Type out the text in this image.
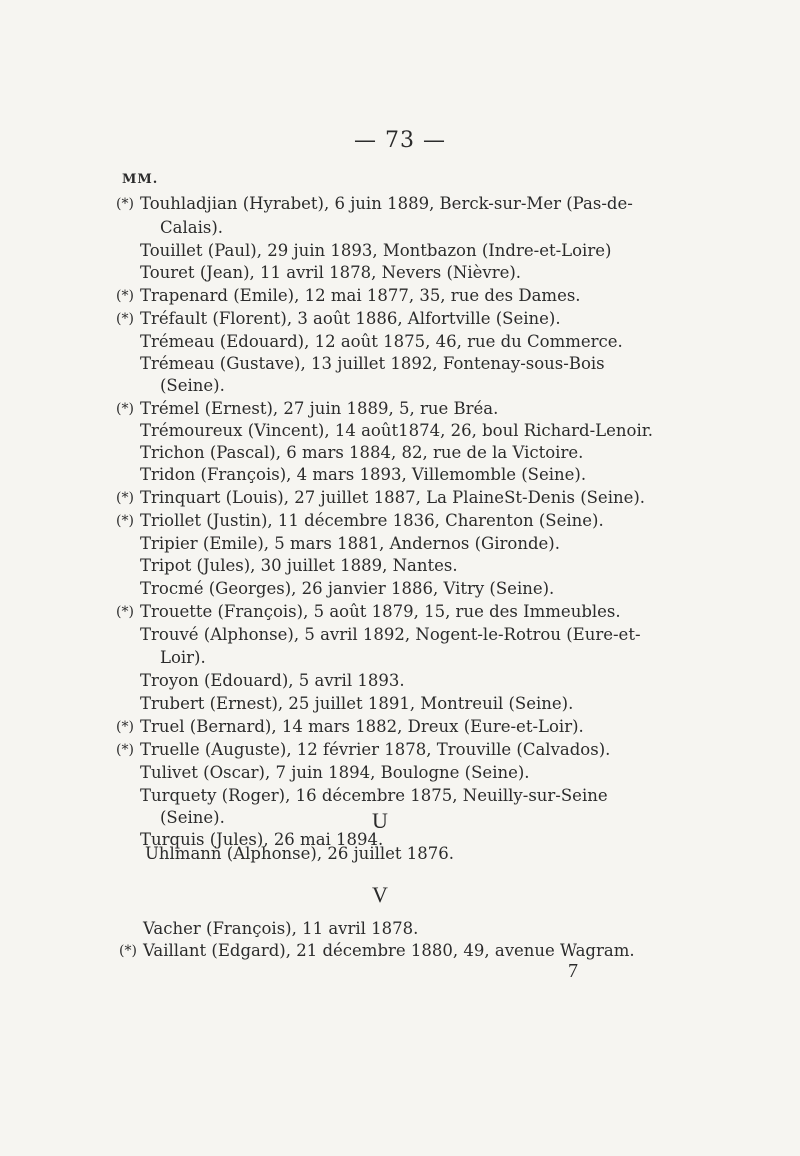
— 73 —
MM.
(*) Touhladjian (Hyrabet), 6 juin 1889, Berck-sur-Mer (Pas-de-
Calais).
Touillet (Paul), 29 juin 1893, Montbazon (Indre-et-Loire)
Touret (Jean), 11 avril 1878, Nevers (Nièvre).
(*) Trapenard (Emile), 12 mai 1877, 35, rue des Dames.
(*) Tréfault (Florent), 3 août 1886, Alfortville (Seine).
Trémeau (Edouard), 12 août 1875, 46, rue du Commerce.
Trémeau (Gustave), 13 juillet 1892, Fontenay-sous-Bois
(Seine).
(*) Trémel (Ernest), 27 juin 1889, 5, rue Bréa.
Trémoureux (Vincent), 14 août1874, 26, boul Richard-Lenoir.
Trichon (Pascal), 6 mars 1884, 82, rue de la Victoire.
Tridon (François), 4 mars 1893, Villemomble (Seine).
(*) Trinquart (Louis), 27 juillet 1887, La PlaineSt-Denis (Seine).
(*) Triollet (Justin), 11 décembre 1836, Charenton (Seine).
Tripier (Emile), 5 mars 1881, Andernos (Gironde).
Tripot (Jules), 30 juillet 1889, Nantes.
Trocmé (Georges), 26 janvier 1886, Vitry (Seine).
(*) Trouette (François), 5 août 1879, 15, rue des Immeubles.
Trouvé (Alphonse), 5 avril 1892, Nogent-le-Rotrou (Eure-et-
Loir).
Troyon (Edouard), 5 avril 1893.
Trubert (Ernest), 25 juillet 1891, Montreuil (Seine).
(*) Truel (Bernard), 14 mars 1882, Dreux (Eure-et-Loir).
(*) Truelle (Auguste), 12 février 1878, Trouville (Calvados).
Tulivet (Oscar), 7 juin 1894, Boulogne (Seine).
Turquety (Roger), 16 décembre 1875, Neuilly-sur-Seine
(Seine).
Turquis (Jules), 26 mai 1894.
U
Uhlmann (Alphonse), 26 juillet 1876.
V
Vacher (François), 11 avril 1878.
(*) Vaillant (Edgard), 21 décembre 1880, 49, avenue Wagram.
7
